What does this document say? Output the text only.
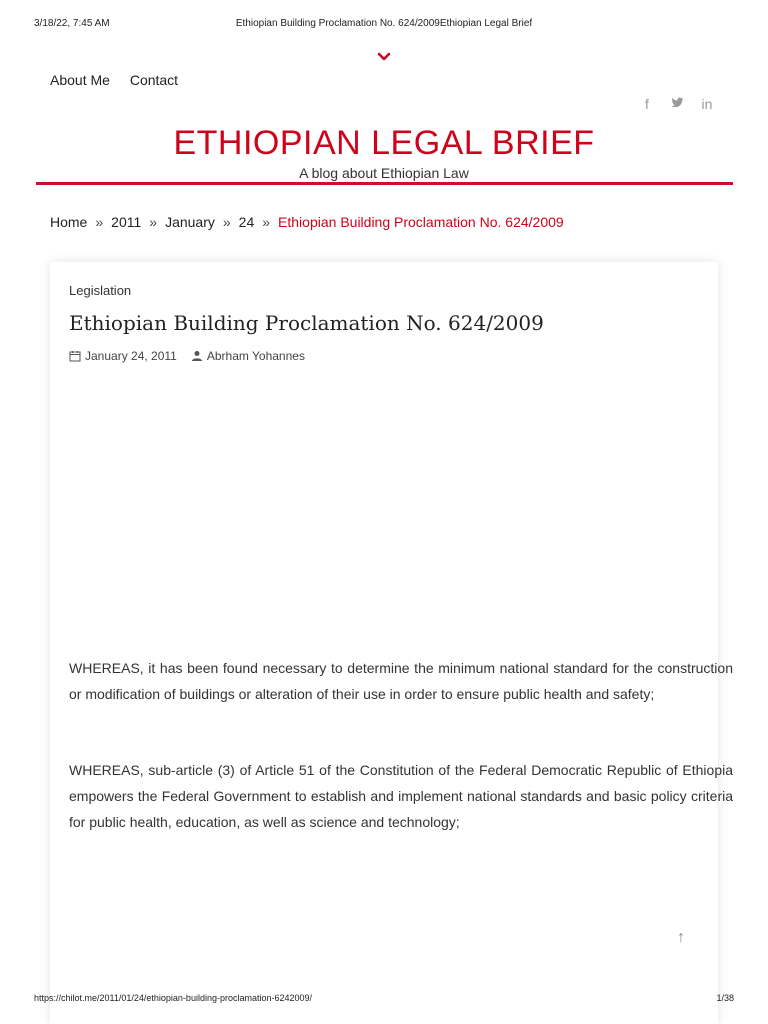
3/18/22, 7:45 AM	Ethiopian Building Proclamation No. 624/2009Ethiopian Legal Brief
About Me Contact
f	in
ETHIOPIAN LEGAL BRIEF
A blog about Ethiopian Law
Home » 2011 » January » 24 » Ethiopian Building Proclamation No. 624/2009
Legislation
Ethiopian Building Proclamation No. 624/2009
January 24, 2011	Abrham Yohannes

WHEREAS, it has been found necessary to determine the minimum national standard for the construction or modification of buildings or alteration of their use in order to ensure public health and safety;

WHEREAS, sub-article (3) of Article 51 of the Constitution of the Federal Democratic Republic of Ethiopia empowers the Federal Government to establish and implement national standards and basic policy criteria for public health, education, as well as science and technology;

↑
https://chilot.me/2011/01/24/ethiopian-building-proclamation-6242009/	1/38
